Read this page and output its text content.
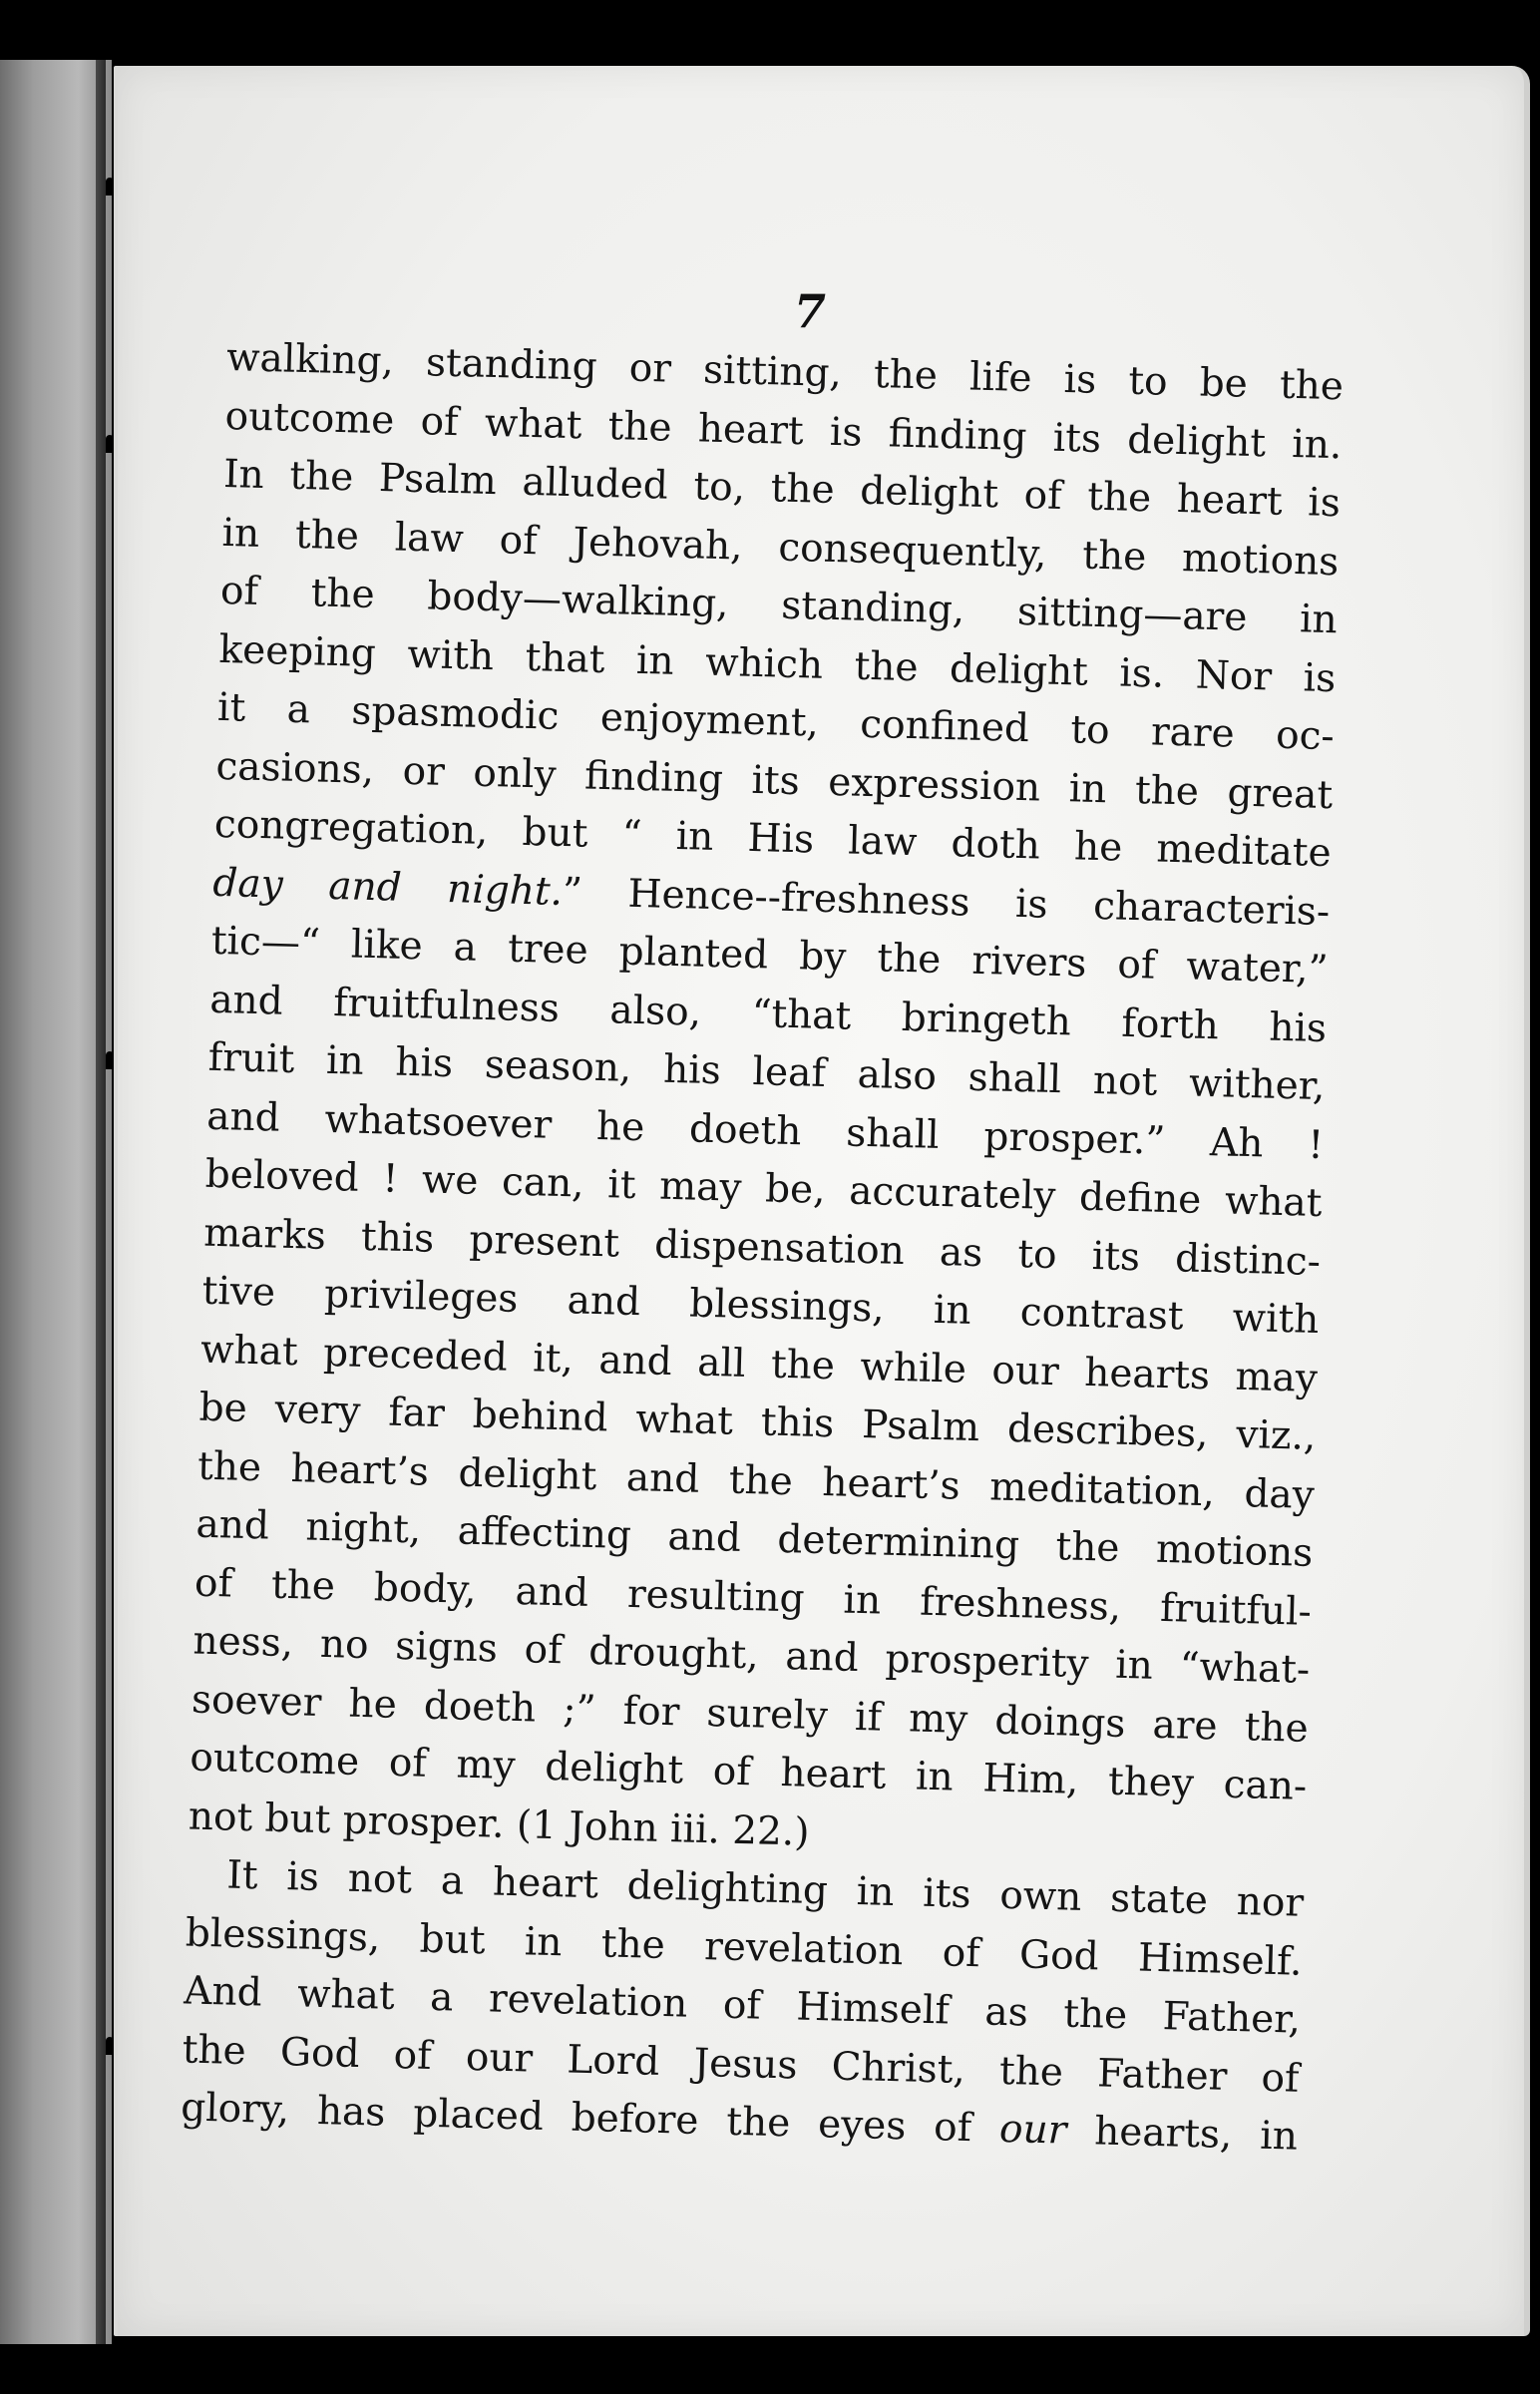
7
walking, standing or sitting, the life is to be the
outcome of what the heart is finding its delight in.
In the Psalm alluded to, the delight of the heart is
in the law of Jehovah, consequently, the motions
of the body—walking, standing, sitting—are in
keeping with that in which the delight is. Nor is
it a spasmodic enjoyment, confined to rare oc-
casions, or only finding its expression in the great
congregation, but “ in His law doth he meditate
day and night.” Hence--freshness is characteris-
tic—“ like a tree planted by the rivers of water,”
and fruitfulness also, “that bringeth forth his
fruit in his season, his leaf also shall not wither,
and whatsoever he doeth shall prosper.” Ah !
beloved ! we can, it may be, accurately define what
marks this present dispensation as to its distinc-
tive privileges and blessings, in contrast with
what preceded it, and all the while our hearts may
be very far behind what this Psalm describes, viz.,
the heart’s delight and the heart’s meditation, day
and night, affecting and determining the motions
of the body, and resulting in freshness, fruitful-
ness, no signs of drought, and prosperity in “what-
soever he doeth ;” for surely if my doings are the
outcome of my delight of heart in Him, they can-
not but prosper. (1 John iii. 22.)
It is not a heart delighting in its own state nor
blessings, but in the revelation of God Himself.
And what a revelation of Himself as the Father,
the God of our Lord Jesus Christ, the Father of
glory, has placed before the eyes of our hearts, in
